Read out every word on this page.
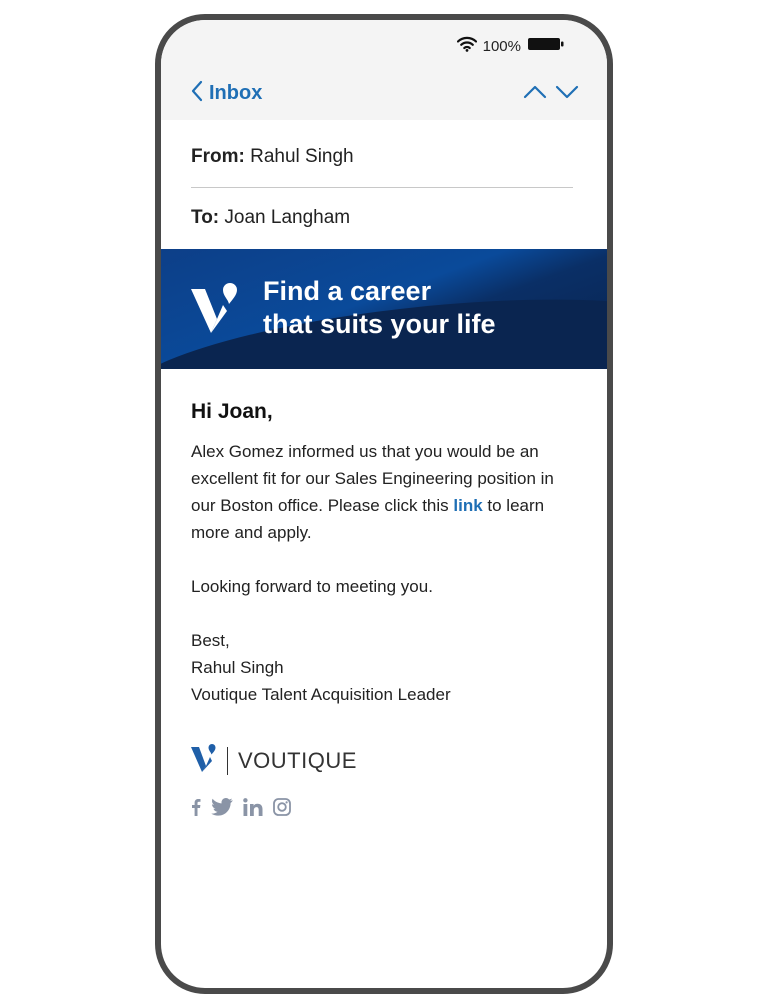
100%
Inbox
From: Rahul Singh
To: Joan Langham
Find a career
that suits your life
Hi Joan,
Alex Gomez informed us that you would be an excellent fit for our Sales Engineering position in our Boston office. Please click this link to learn more and apply.
Looking forward to meeting you.
Best,
Rahul Singh
Voutique Talent Acquisition Leader
VOUTIQUE
